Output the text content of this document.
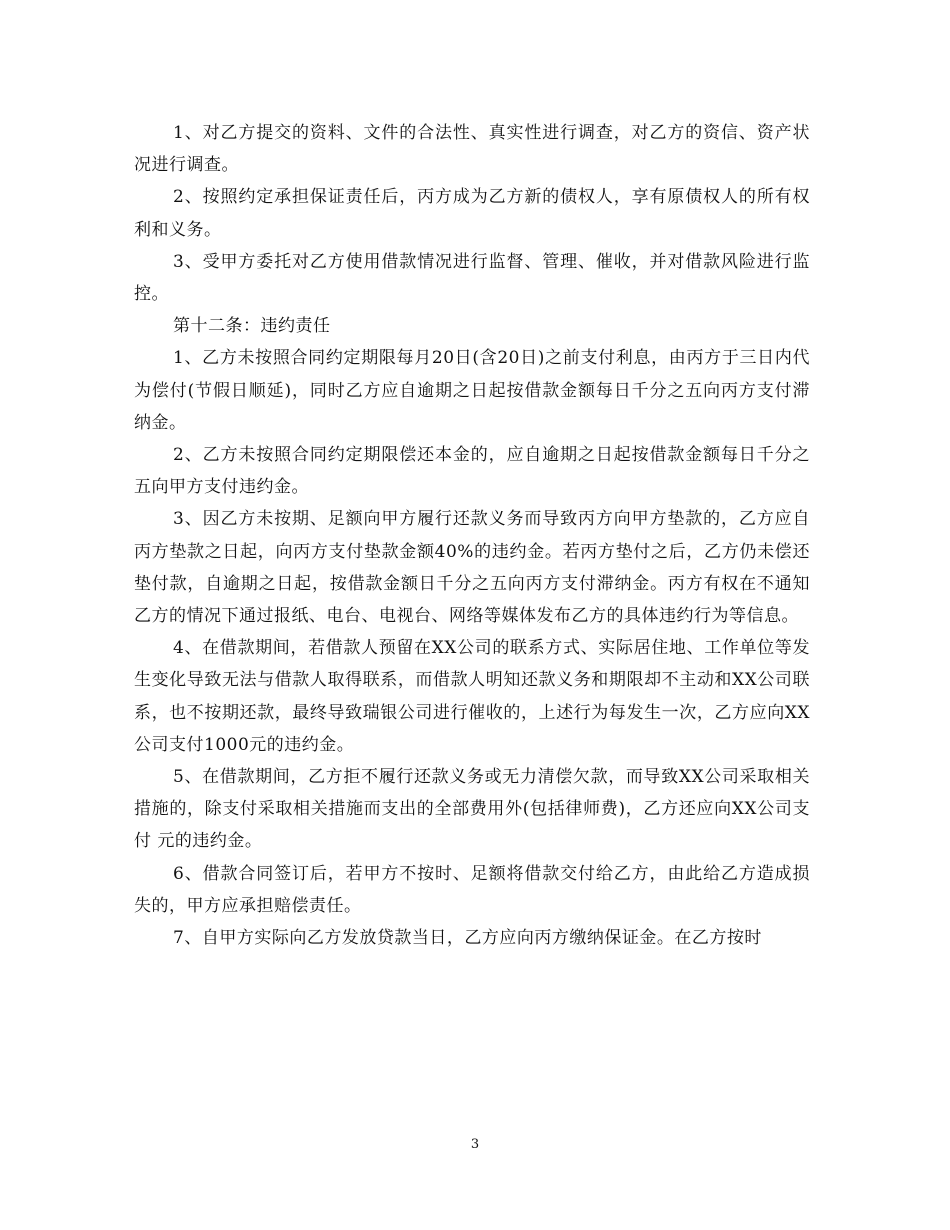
1、对乙方提交的资料、文件的合法性、真实性进行调查，对乙方的资信、资产状况进行调查。

2、按照约定承担保证责任后，丙方成为乙方新的债权人，享有原债权人的所有权利和义务。

3、受甲方委托对乙方使用借款情况进行监督、管理、催收，并对借款风险进行监控。

第十二条：违约责任

1、乙方未按照合同约定期限每月20日(含20日)之前支付利息，由丙方于三日内代为偿付(节假日顺延)，同时乙方应自逾期之日起按借款金额每日千分之五向丙方支付滞纳金。

2、乙方未按照合同约定期限偿还本金的，应自逾期之日起按借款金额每日千分之五向甲方支付违约金。

3、因乙方未按期、足额向甲方履行还款义务而导致丙方向甲方垫款的，乙方应自丙方垫款之日起，向丙方支付垫款金额40%的违约金。若丙方垫付之后，乙方仍未偿还垫付款，自逾期之日起，按借款金额日千分之五向丙方支付滞纳金。丙方有权在不通知乙方的情况下通过报纸、电台、电视台、网络等媒体发布乙方的具体违约行为等信息。

4、在借款期间，若借款人预留在XX公司的联系方式、实际居住地、工作单位等发生变化导致无法与借款人取得联系，而借款人明知还款义务和期限却不主动和XX公司联系，也不按期还款，最终导致瑞银公司进行催收的，上述行为每发生一次，乙方应向XX公司支付1000元的违约金。

5、在借款期间，乙方拒不履行还款义务或无力清偿欠款，而导致XX公司采取相关措施的，除支付采取相关措施而支出的全部费用外(包括律师费)，乙方还应向XX公司支付 元的违约金。

6、借款合同签订后，若甲方不按时、足额将借款交付给乙方，由此给乙方造成损失的，甲方应承担赔偿责任。

7、自甲方实际向乙方发放贷款当日，乙方应向丙方缴纳保证金。在乙方按时

3
